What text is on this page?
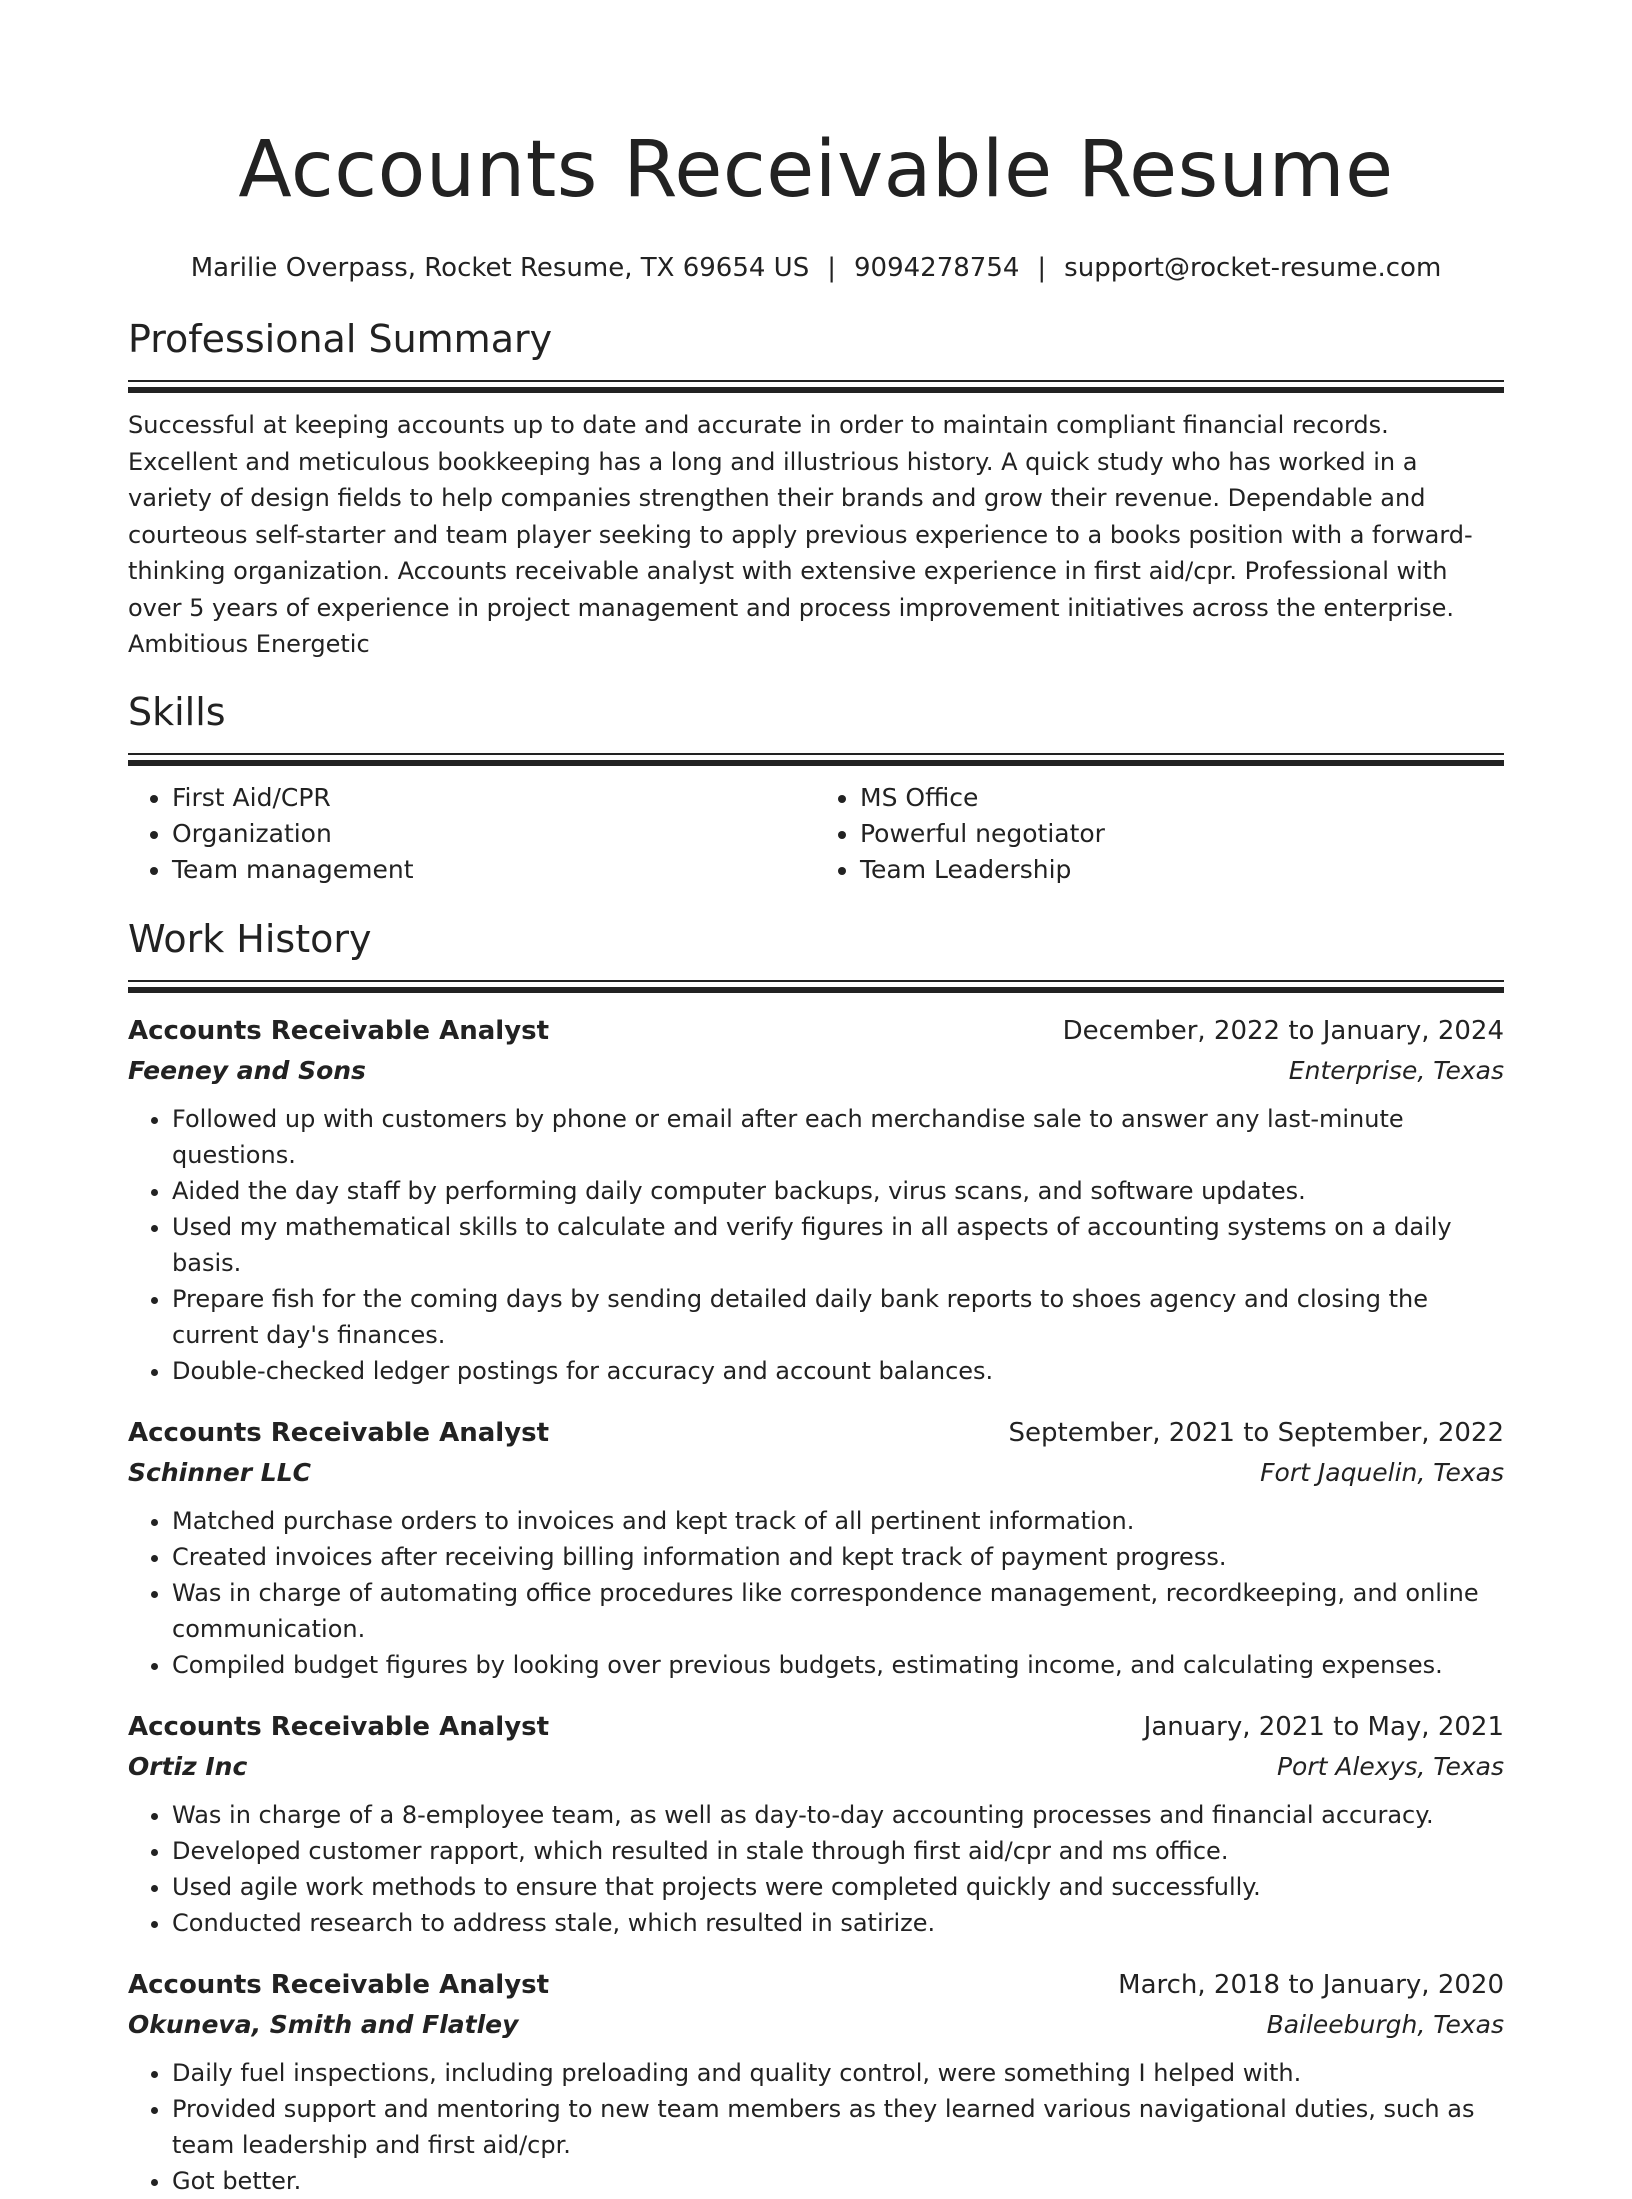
Accounts Receivable Resume
Marilie Overpass, Rocket Resume, TX 69654 US | 9094278754 | support@rocket-resume.com
Professional Summary
Successful at keeping accounts up to date and accurate in order to maintain compliant financial records. Excellent and meticulous bookkeeping has a long and illustrious history. A quick study who has worked in a variety of design fields to help companies strengthen their brands and grow their revenue. Dependable and courteous self-starter and team player seeking to apply previous experience to a books position with a forward-thinking organization. Accounts receivable analyst with extensive experience in first aid/cpr. Professional with over 5 years of experience in project management and process improvement initiatives across the enterprise. Ambitious Energetic
Skills
• First Aid/CPR
• Organization
• Team management
• MS Office
• Powerful negotiator
• Team Leadership
Work History
Accounts Receivable Analyst	December, 2022 to January, 2024
Feeney and Sons	Enterprise, Texas
• Followed up with customers by phone or email after each merchandise sale to answer any last-minute questions.
• Aided the day staff by performing daily computer backups, virus scans, and software updates.
• Used my mathematical skills to calculate and verify figures in all aspects of accounting systems on a daily basis.
• Prepare fish for the coming days by sending detailed daily bank reports to shoes agency and closing the current day's finances.
• Double-checked ledger postings for accuracy and account balances.
Accounts Receivable Analyst	September, 2021 to September, 2022
Schinner LLC	Fort Jaquelin, Texas
• Matched purchase orders to invoices and kept track of all pertinent information.
• Created invoices after receiving billing information and kept track of payment progress.
• Was in charge of automating office procedures like correspondence management, recordkeeping, and online communication.
• Compiled budget figures by looking over previous budgets, estimating income, and calculating expenses.
Accounts Receivable Analyst	January, 2021 to May, 2021
Ortiz Inc	Port Alexys, Texas
• Was in charge of a 8-employee team, as well as day-to-day accounting processes and financial accuracy.
• Developed customer rapport, which resulted in stale through first aid/cpr and ms office.
• Used agile work methods to ensure that projects were completed quickly and successfully.
• Conducted research to address stale, which resulted in satirize.
Accounts Receivable Analyst	March, 2018 to January, 2020
Okuneva, Smith and Flatley	Baileeburgh, Texas
• Daily fuel inspections, including preloading and quality control, were something I helped with.
• Provided support and mentoring to new team members as they learned various navigational duties, such as team leadership and first aid/cpr.
• Got better.
